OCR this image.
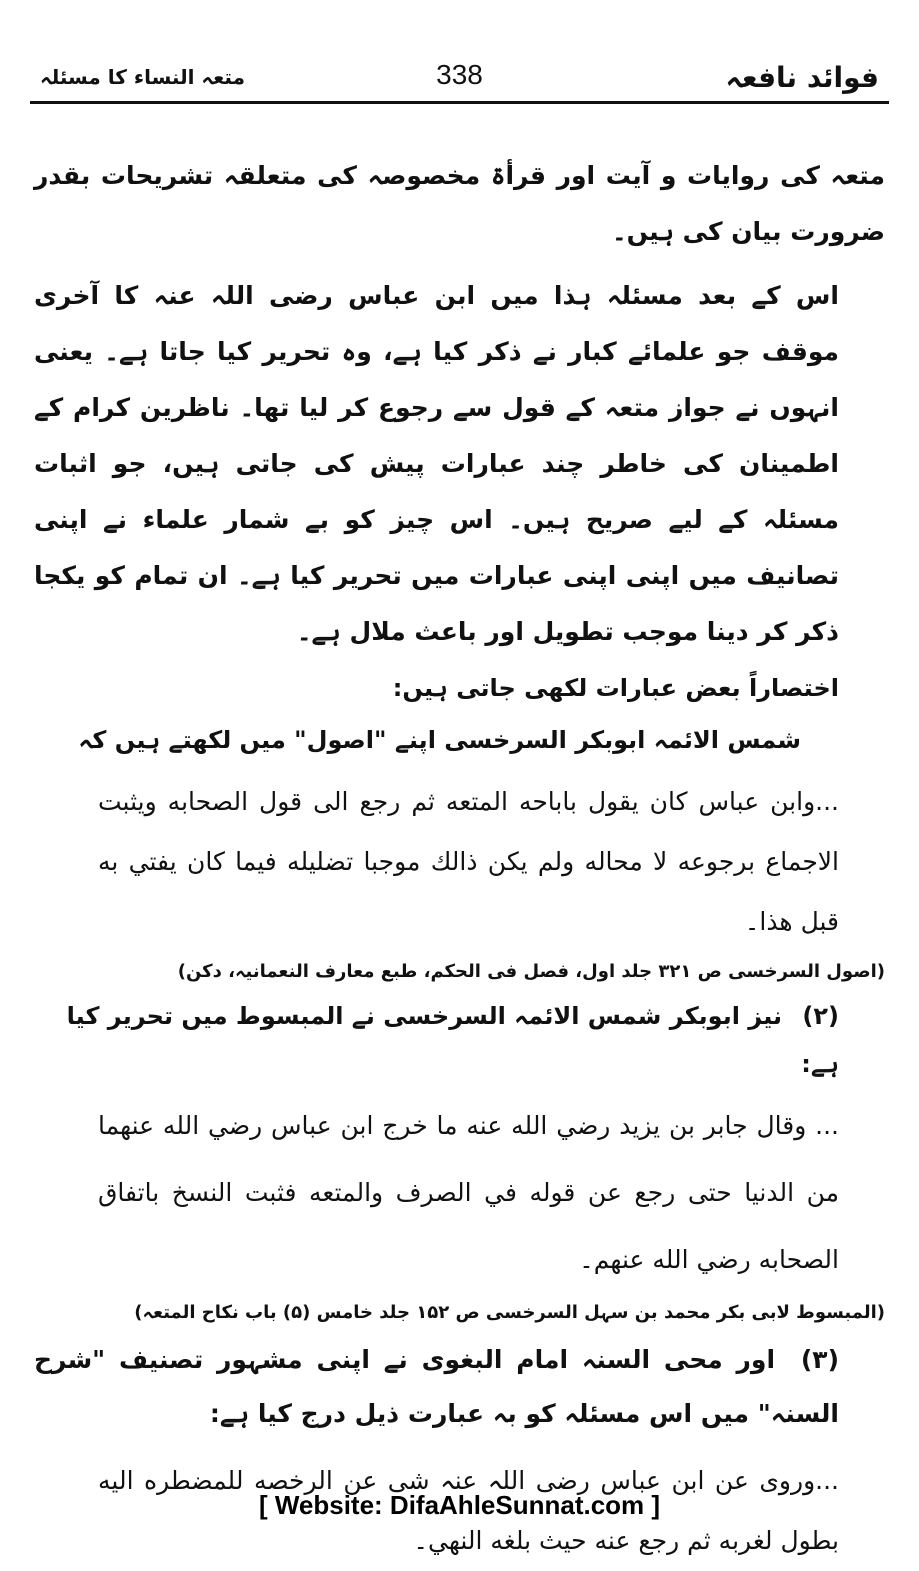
فوائد نافعہ
338
متعہ النساء کا مسئلہ

متعہ کی روایات و آیت اور قرأۃ مخصوصہ کی متعلقہ تشریحات بقدر ضرورت بیان کی ہیں۔

اس کے بعد مسئلہ ہذا میں ابن عباس رضی اللہ عنہ کا آخری موقف جو علمائے کبار نے ذکر کیا ہے، وہ تحریر کیا جاتا ہے۔ یعنی انہوں نے جواز متعہ کے قول سے رجوع کر لیا تھا۔ ناظرین کرام کے اطمینان کی خاطر چند عبارات پیش کی جاتی ہیں، جو اثبات مسئلہ کے لیے صریح ہیں۔ اس چیز کو بے شمار علماء نے اپنی تصانیف میں اپنی اپنی عبارات میں تحریر کیا ہے۔ ان تمام کو یکجا ذکر کر دینا موجب تطویل اور باعث ملال ہے۔

اختصاراً بعض عبارات لکھی جاتی ہیں:

شمس الائمہ ابوبکر السرخسی اپنے "اصول" میں لکھتے ہیں کہ

...وابن عباس كان يقول باباحه المتعه ثم رجع الى قول الصحابه ويثبت الاجماع برجوعه لا محاله ولم يكن ذالك موجبا تضليله فيما كان يفتي به قبل هذا۔

(اصول السرخسی ص ۳۲۱ جلد اول، فصل فی الحکم، طبع معارف النعمانیہ، دکن)

(۲) نیز ابوبکر شمس الائمہ السرخسی نے المبسوط میں تحریر کیا ہے:

... وقال جابر بن يزيد رضي الله عنه ما خرج ابن عباس رضي الله عنهما من الدنيا حتى رجع عن قوله في الصرف والمتعه فثبت النسخ باتفاق الصحابه رضي الله عنهم۔

(المبسوط لابی بکر محمد بن سہل السرخسی ص ۱۵۲ جلد خامس (۵) باب نکاح المتعہ)

(۳) اور محی السنہ امام البغوی نے اپنی مشہور تصنیف "شرح السنہ" میں اس مسئلہ کو بہ عبارت ذیل درج کیا ہے:

...وروی عن ابن عباس رضی اللہ عنہ شی عن الرخصه للمضطره اليه بطول لغربه ثم رجع عنه حيث بلغه النهي۔

[ Website: DifaAhleSunnat.com ]
